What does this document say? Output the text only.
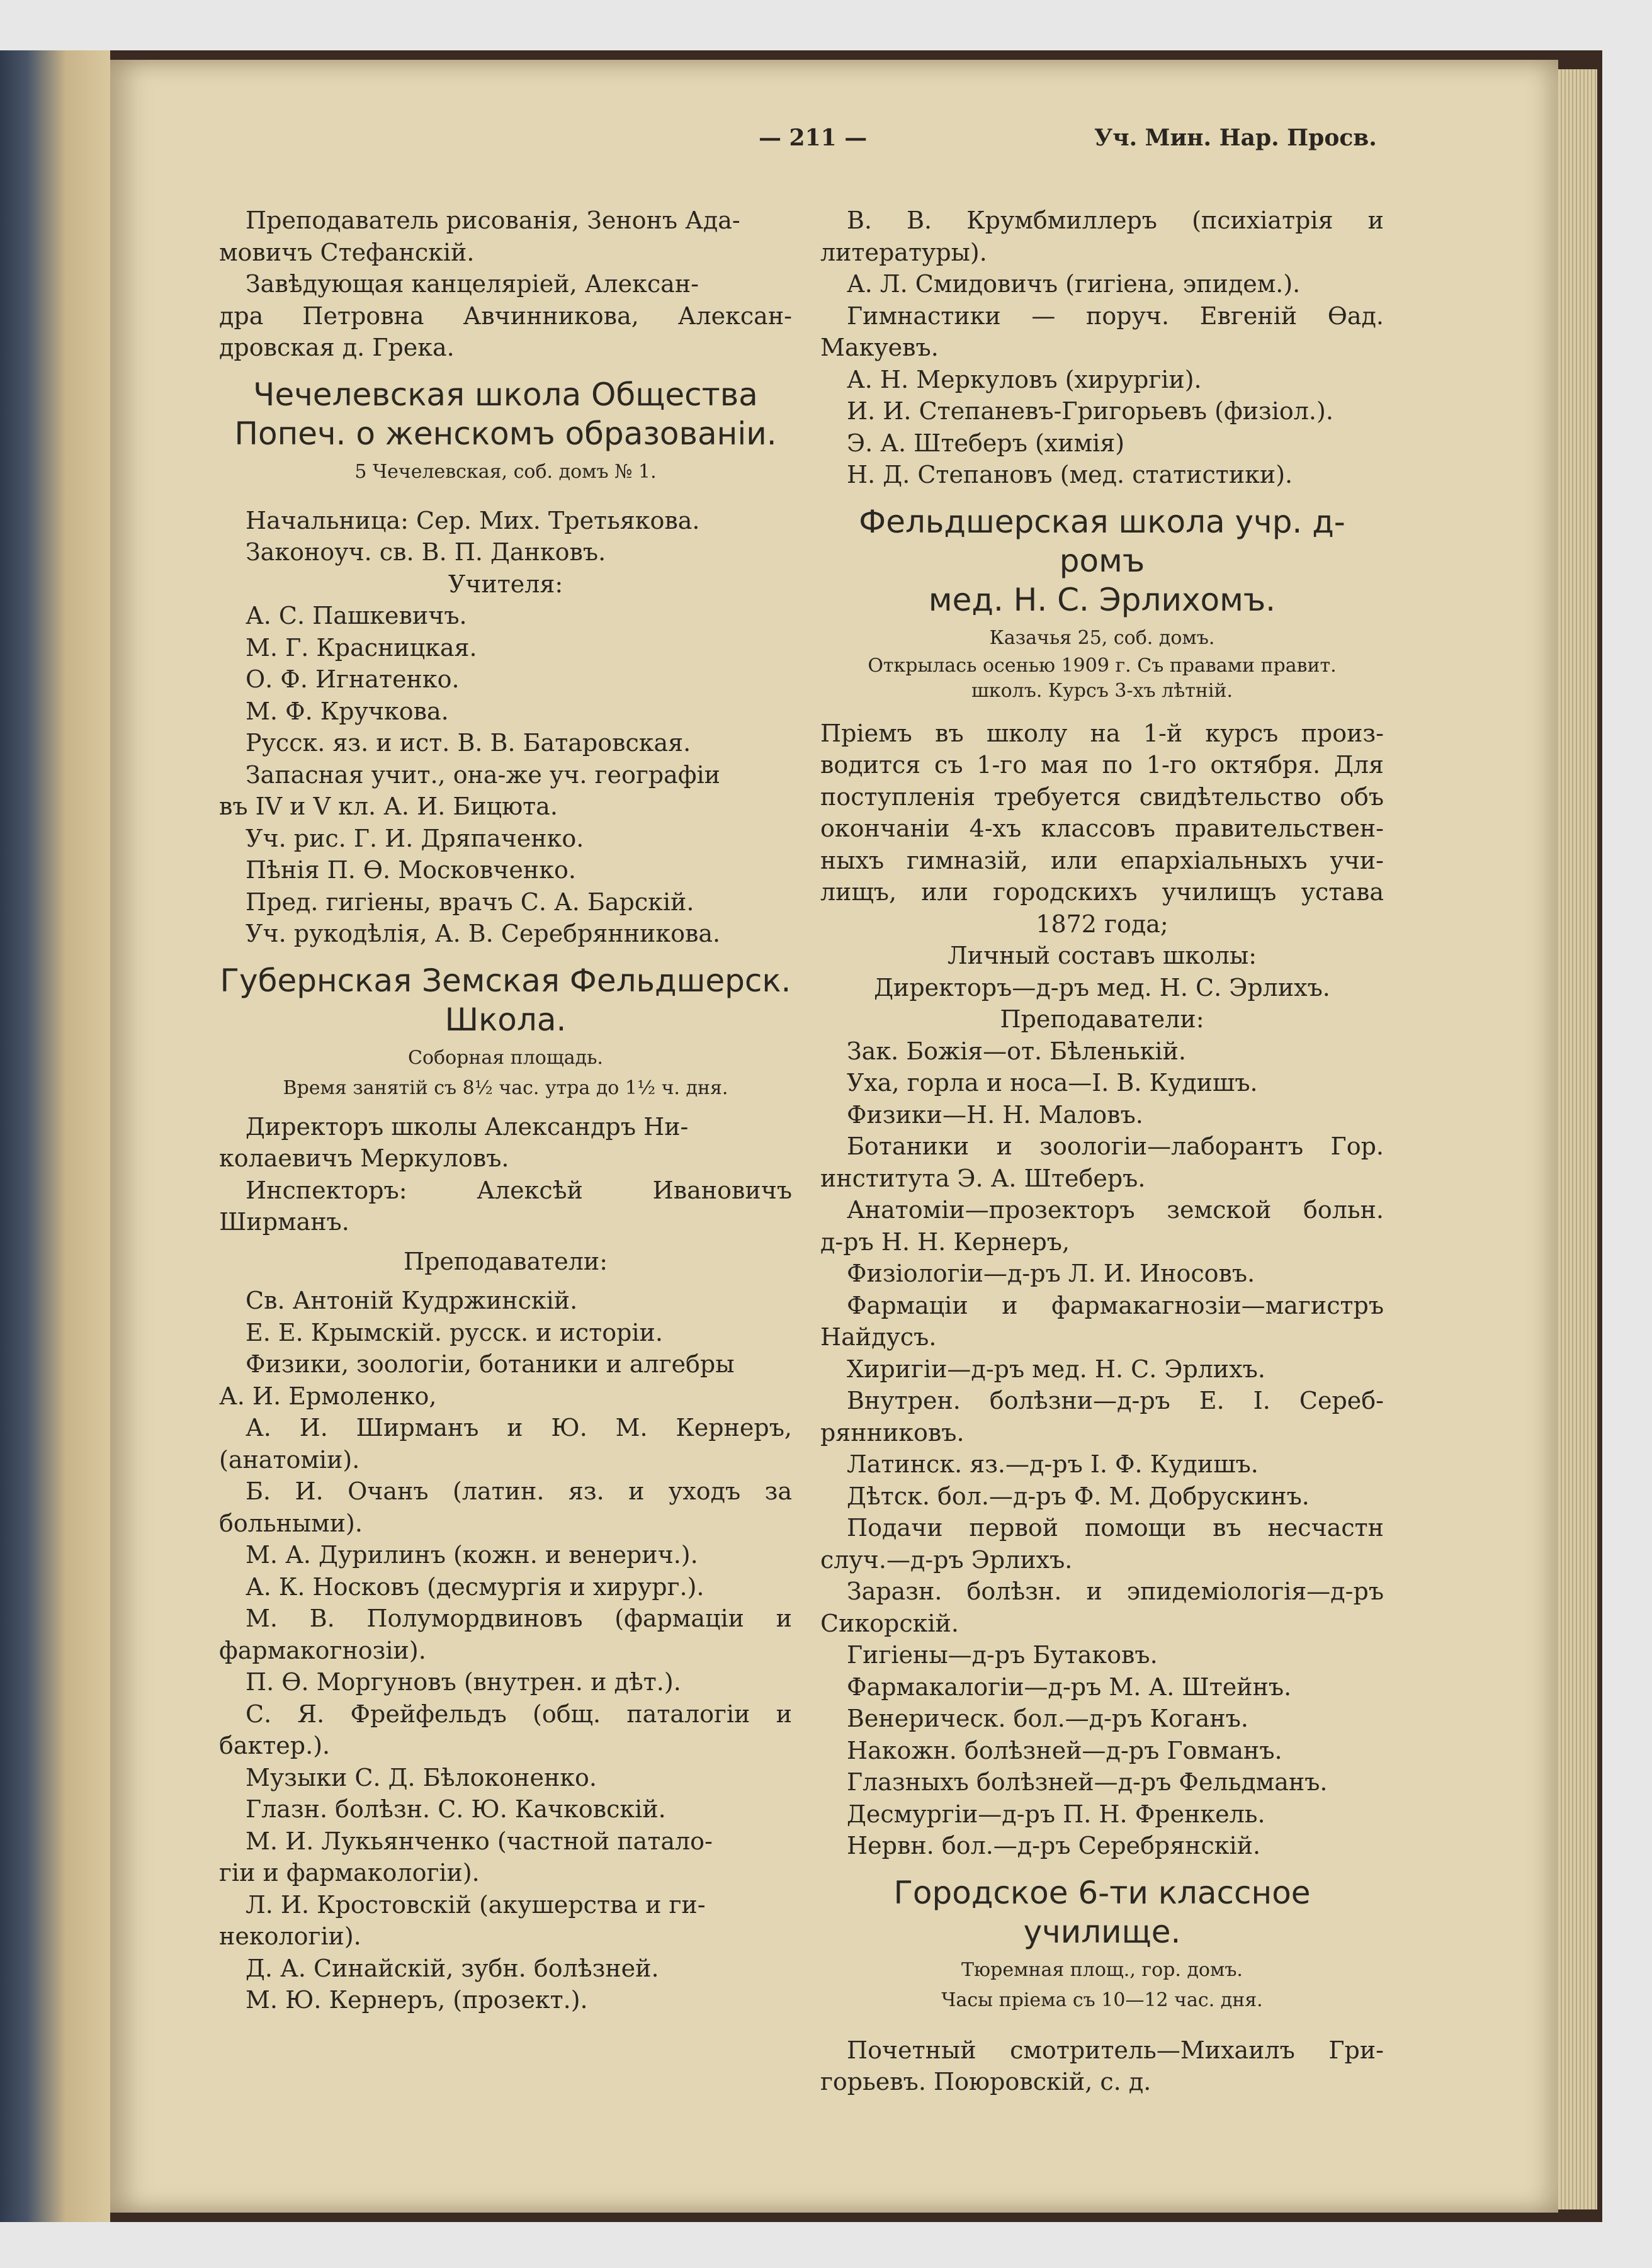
— 211 —	Уч. Мин. Нар. Просв.

Преподаватель рисованія, Зенонъ Ада-

мовичъ Стефанскій.

Завѣдующая канцеляріей, Алексан-

дра Петровна Авчинникова, Алексан-

дровская д. Грека.

Чечелевская школа Общества
Попеч. о женскомъ образованіи.

5 Чечелевская, соб. домъ № 1.

Начальница: Сер. Мих. Третьякова.

Законоуч. св. В. П. Данковъ.

Учителя:

А. С. Пашкевичъ.

М. Г. Красницкая.

О. Ф. Игнатенко.

М. Ф. Кручкова.

Русск. яз. и ист. В. В. Батаровская.

Запасная учит., она-же уч. географіи

въ IV и V кл. А. И. Бицюта.

Уч. рис. Г. И. Дряпаченко.

Пѣнія П. Ѳ. Московченко.

Пред. гигіены, врачъ С. А. Барскій.

Уч. рукодѣлія, А. В. Серебрянникова.

Губернская Земская Фельдшерск.
Школа.

Соборная площадь.

Время занятій съ 8½ час. утра до 1½ ч. дня.

Директоръ школы Александръ Ни-

колаевичъ Меркуловъ.

Инспекторъ: Алексѣй Ивановичъ

Ширманъ.

Преподаватели:

Св. Антоній Кудржинскій.

Е. Е. Крымскій. русск. и исторіи.

Физики, зоологіи, ботаники и алгебры

А. И. Ермоленко,

А. И. Ширманъ и Ю. М. Кернеръ,

(анатоміи).

Б. И. Очанъ (латин. яз. и уходъ за

больными).

М. А. Дурилинъ (кожн. и венерич.).

А. К. Носковъ (десмургія и хирург.).

М. В. Полумордвиновъ (фармаціи и

фармакогнозіи).

П. Ѳ. Моргуновъ (внутрен. и дѣт.).

С. Я. Фрейфельдъ (общ. паталогіи и

бактер.).

Музыки С. Д. Бѣлоконенко.

Глазн. болѣзн. С. Ю. Качковскій.

М. И. Лукьянченко (частной патало-

гіи и фармакологіи).

Л. И. Кростовскій (акушерства и ги-

некологіи).

Д. А. Синайскій, зубн. болѣзней.

М. Ю. Кернеръ, (прозект.).

В. В. Крумбмиллеръ (психіатрія и

литературы).

А. Л. Смидовичъ (гигіена, эпидем.).

Гимнастики — поруч. Евгеній Ѳад.

Макуевъ.

А. Н. Меркуловъ (хирургіи).

И. И. Степаневъ-Григорьевъ (физіол.).

Э. А. Штеберъ (химія)

Н. Д. Степановъ (мед. статистики).

Фельдшерская школа учр. д-ромъ
мед. Н. С. Эрлихомъ.

Казачья 25, соб. домъ.

Открылась осенью 1909 г. Съ правами правит.

школъ. Курсъ 3-хъ лѣтній.

Пріемъ въ школу на 1-й курсъ произ-

водится съ 1-го мая по 1-го октября. Для

поступленія требуется свидѣтельство объ

окончаніи 4-хъ классовъ правительствен-

ныхъ гимназій, или епархіальныхъ учи-

лищъ, или городскихъ училищъ устава

1872 года;

Личный составъ школы:

Директоръ—д-ръ мед. Н. С. Эрлихъ.

Преподаватели:

Зак. Божія—от. Бѣленькій.

Уха, горла и носа—І. В. Кудишъ.

Физики—Н. Н. Маловъ.

Ботаники и зоологіи—лаборантъ Гор.

института Э. А. Штеберъ.

Анатоміи—прозекторъ земской больн.

д-ръ Н. Н. Кернеръ,

Физіологіи—д-ръ Л. И. Иносовъ.

Фармаціи и фармакагнозіи—магистръ

Найдусъ.

Хиригіи—д-ръ мед. Н. С. Эрлихъ.

Внутрен. болѣзни—д-ръ Е. І. Сереб-

рянниковъ.

Латинск. яз.—д-ръ І. Ф. Кудишъ.

Дѣтск. бол.—д-ръ Ф. М. Добрускинъ.

Подачи первой помощи въ несчастн

случ.—д-ръ Эрлихъ.

Заразн. болѣзн. и эпидеміологія—д-ръ

Сикорскій.

Гигіены—д-ръ Бутаковъ.

Фармакалогіи—д-ръ М. А. Штейнъ.

Венерическ. бол.—д-ръ Коганъ.

Накожн. болѣзней—д-ръ Говманъ.

Глазныхъ болѣзней—д-ръ Фельдманъ.

Десмургіи—д-ръ П. Н. Френкель.

Нервн. бол.—д-ръ Серебрянскій.

Городское 6-ти классное училище.

Тюремная площ., гор. домъ.

Часы пріема съ 10—12 час. дня.

Почетный смотритель—Михаилъ Гри-

горьевъ. Поюровскій, с. д.
